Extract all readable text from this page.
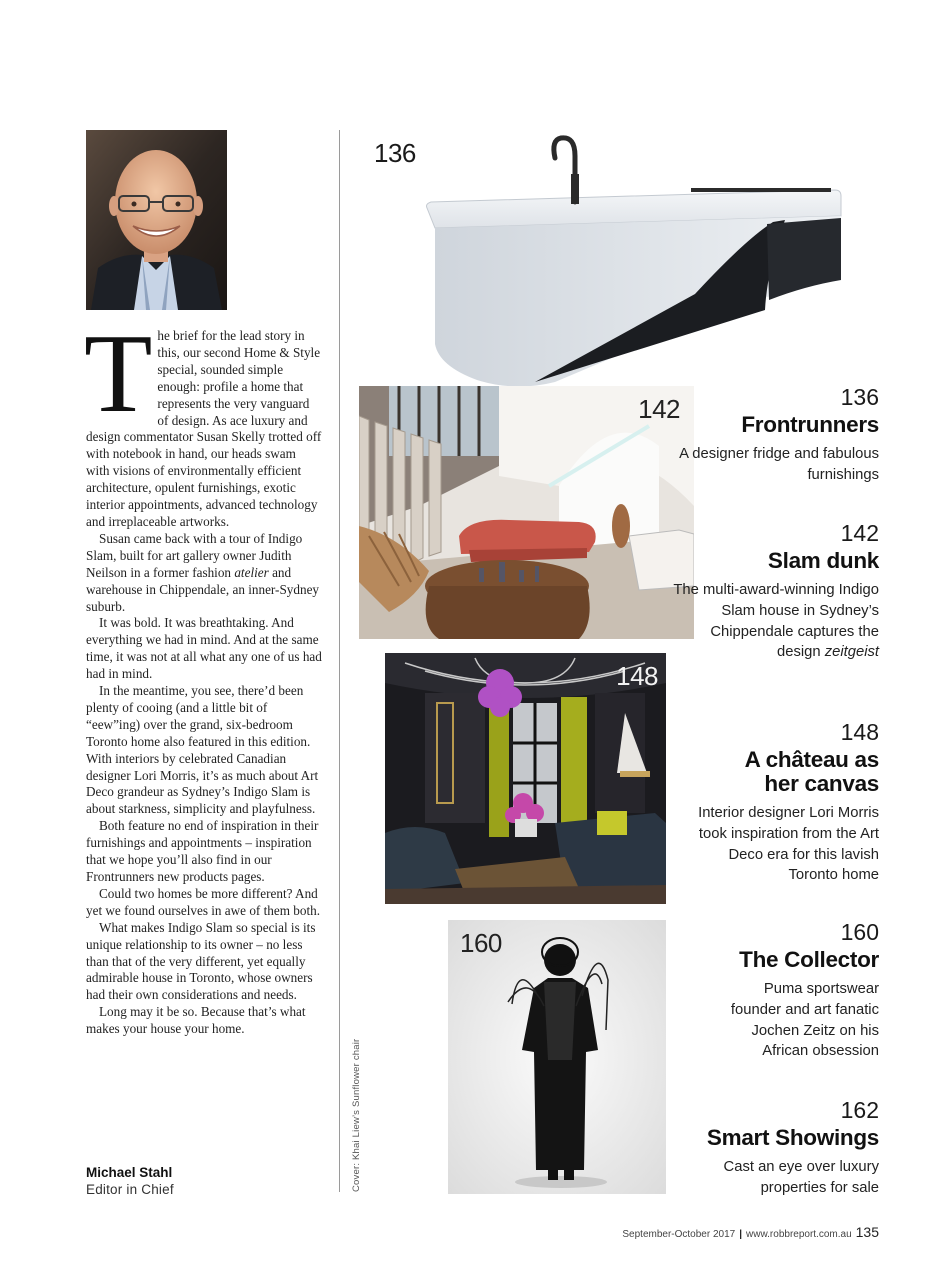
T he brief for the lead story in this, our second Home & Style special, sounded simple enough: profile a home that represents the very vanguard of design. As ace luxury and design commentator Susan Skelly trotted off with notebook in hand, our heads swam with visions of environmentally efficient architecture, opulent furnishings, exotic interior appointments, advanced technology and irreplaceable artworks.

Susan came back with a tour of Indigo Slam, built for art gallery owner Judith Neilson in a former fashion atelier and warehouse in Chippendale, an inner-Sydney suburb.

It was bold. It was breathtaking. And everything we had in mind. And at the same time, it was not at all what any one of us had had in mind.

In the meantime, you see, there’d been plenty of cooing (and a little bit of “eew”ing) over the grand, six-bedroom Toronto home also featured in this edition. With interiors by celebrated Canadian designer Lori Morris, it’s as much about Art Deco grandeur as Sydney’s Indigo Slam is about starkness, simplicity and playfulness.

Both feature no end of inspiration in their furnishings and appointments – inspiration that we hope you’ll also find in our Frontrunners new products pages.

Could two homes be more different? And yet we found ourselves in awe of them both.

What makes Indigo Slam so special is its unique relationship to its owner – no less than that of the very different, yet equally admirable house in Toronto, whose owners had their own considerations and needs.

Long may it be so. Because that’s what makes your house your home.

Michael Stahl
Editor in Chief	Cover: Khai Liew’s Sunflower chair
136
142
148
160
136
Frontrunners
A designer fridge and fabulous furnishings
142
Slam dunk
The multi-award-winning Indigo Slam house in Sydney’s Chippendale captures the design zeitgeist
148
A château as her canvas
Interior designer Lori Morris took inspiration from the Art Deco era for this lavish Toronto home
160
The Collector
Puma sportswear founder and art fanatic Jochen Zeitz on his African obsession
162
Smart Showings
Cast an eye over luxury properties for sale
September-October 2017 | www.robbreport.com.au 135
